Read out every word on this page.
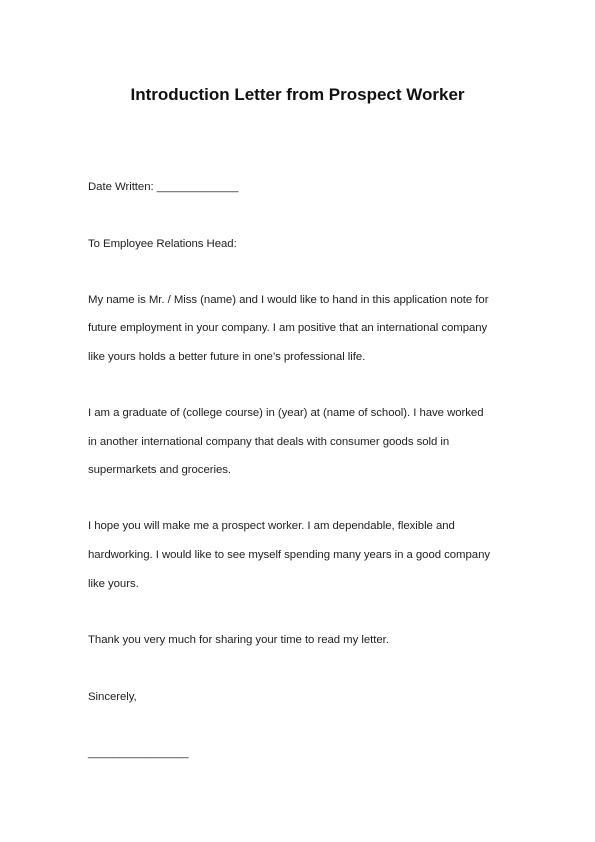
Introduction Letter from Prospect Worker

Date Written: _____________

To Employee Relations Head:

My name is Mr. / Miss (name) and I would like to hand in this application note for

future employment in your company. I am positive that an international company

like yours holds a better future in one’s professional life.

I am a graduate of (college course) in (year) at (name of school). I have worked

in another international company that deals with consumer goods sold in

supermarkets and groceries.

I hope you will make me a prospect worker. I am dependable, flexible and

hardworking. I would like to see myself spending many years in a good company

like yours.

Thank you very much for sharing your time to read my letter.

Sincerely,

________________
